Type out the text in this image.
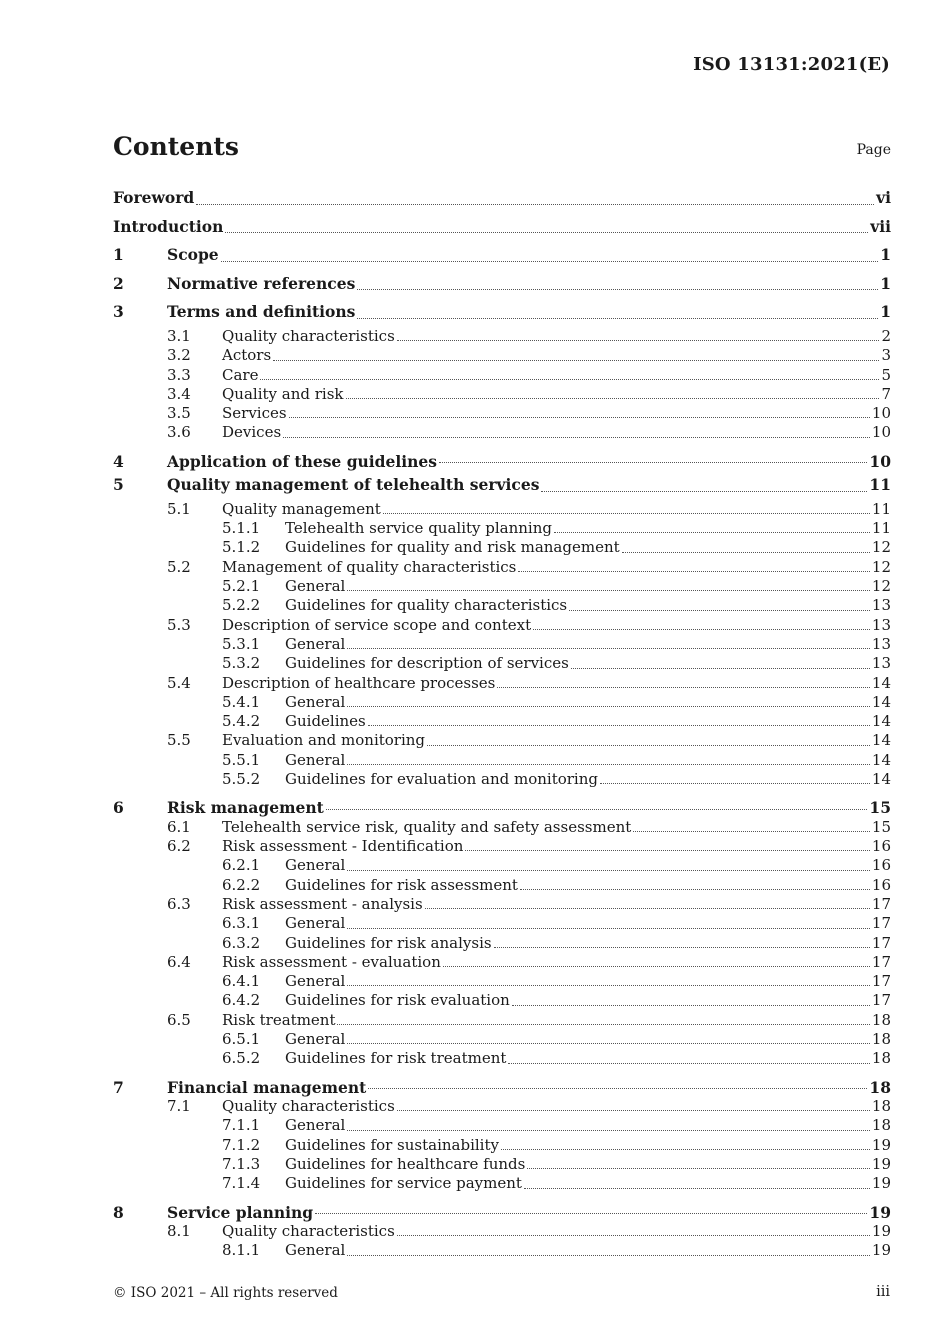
ISO 13131:2021(E)
Contents	Page
Foreword	vi
Introduction	vii
1	Scope	1
2	Normative references	1
3	Terms and definitions	1
3.1	Quality characteristics	2
3.2	Actors	3
3.3	Care	5
3.4	Quality and risk	7
3.5	Services	10
3.6	Devices	10
4	Application of these guidelines	10
5	Quality management of telehealth services	11
5.1	Quality management	11
5.1.1	Telehealth service quality planning	11
5.1.2	Guidelines for quality and risk management	12
5.2	Management of quality characteristics	12
5.2.1	General	12
5.2.2	Guidelines for quality characteristics	13
5.3	Description of service scope and context	13
5.3.1	General	13
5.3.2	Guidelines for description of services	13
5.4	Description of healthcare processes	14
5.4.1	General	14
5.4.2	Guidelines	14
5.5	Evaluation and monitoring	14
5.5.1	General	14
5.5.2	Guidelines for evaluation and monitoring	14
6	Risk management	15
6.1	Telehealth service risk, quality and safety assessment	15
6.2	Risk assessment - Identification	16
6.2.1	General	16
6.2.2	Guidelines for risk assessment	16
6.3	Risk assessment - analysis	17
6.3.1	General	17
6.3.2	Guidelines for risk analysis	17
6.4	Risk assessment - evaluation	17
6.4.1	General	17
6.4.2	Guidelines for risk evaluation	17
6.5	Risk treatment	18
6.5.1	General	18
6.5.2	Guidelines for risk treatment	18
7	Financial management	18
7.1	Quality characteristics	18
7.1.1	General	18
7.1.2	Guidelines for sustainability	19
7.1.3	Guidelines for healthcare funds	19
7.1.4	Guidelines for service payment	19
8	Service planning	19
8.1	Quality characteristics	19
8.1.1	General	19
© ISO 2021 – All rights reserved	iii
